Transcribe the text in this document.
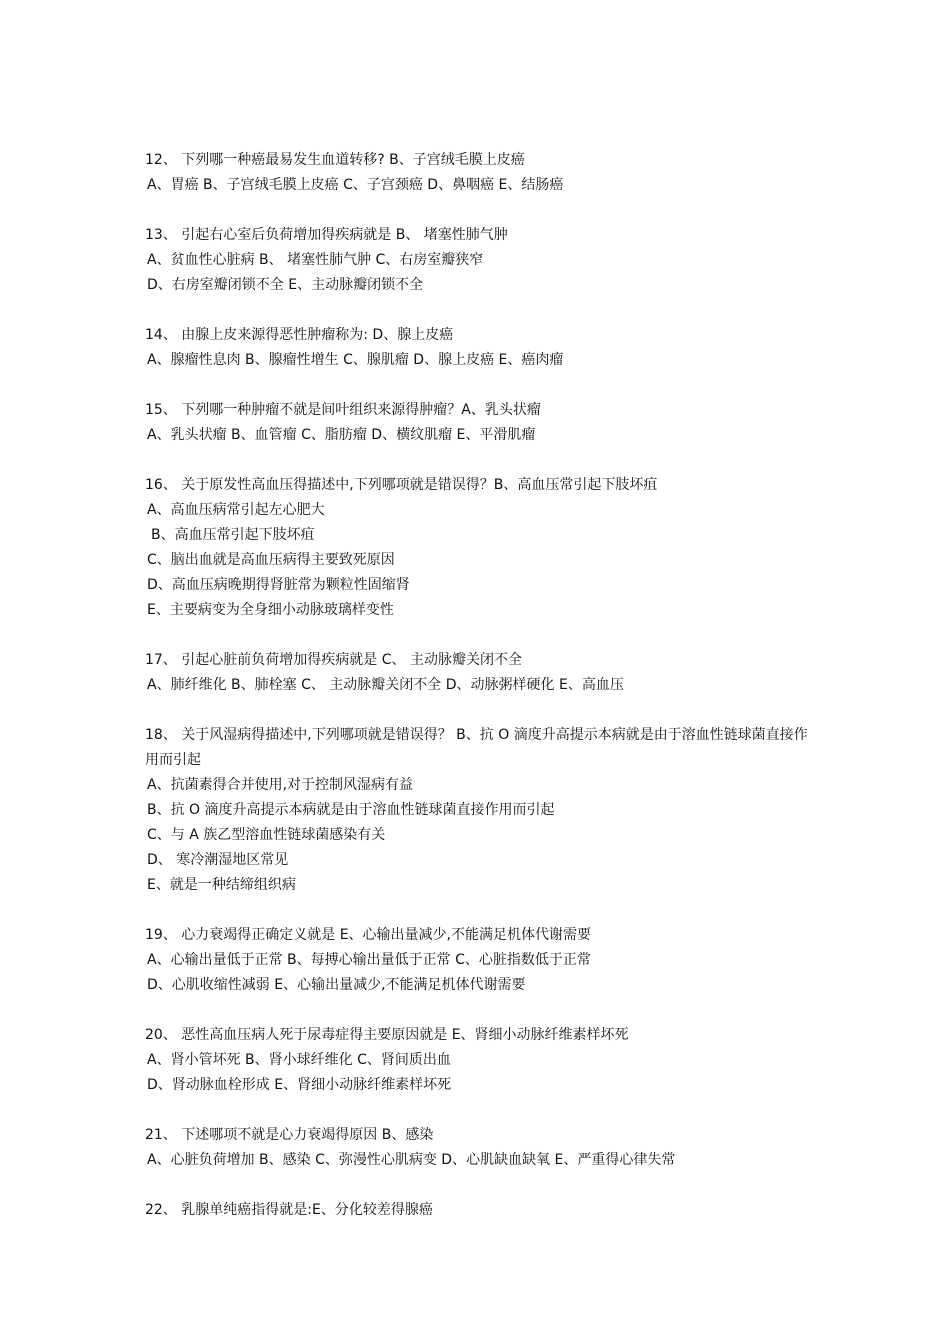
12、 下列哪一种癌最易发生血道转移? B、子宫绒毛膜上皮癌
A、胃癌 B、子宫绒毛膜上皮癌 C、子宫颈癌 D、鼻咽癌 E、结肠癌
13、 引起右心室后负荷增加得疾病就是 B、 堵塞性肺气肿
A、贫血性心脏病 B、 堵塞性肺气肿 C、右房室瓣狭窄
D、右房室瓣闭锁不全 E、主动脉瓣闭锁不全
14、 由腺上皮来源得恶性肿瘤称为: D、腺上皮癌
A、腺瘤性息肉 B、腺瘤性增生 C、腺肌瘤 D、腺上皮癌 E、癌肉瘤
15、 下列哪一种肿瘤不就是间叶组织来源得肿瘤？A、乳头状瘤
A、乳头状瘤 B、血管瘤 C、脂肪瘤 D、横纹肌瘤 E、平滑肌瘤
16、 关于原发性高血压得描述中,下列哪项就是错误得？B、高血压常引起下肢坏疽
A、高血压病常引起左心肥大
B、高血压常引起下肢坏疽
C、脑出血就是高血压病得主要致死原因
D、高血压病晚期得肾脏常为颗粒性固缩肾
E、主要病变为全身细小动脉玻璃样变性
17、 引起心脏前负荷增加得疾病就是 C、 主动脉瓣关闭不全
A、肺纤维化 B、肺栓塞 C、 主动脉瓣关闭不全 D、动脉粥样硬化 E、高血压
18、 关于风湿病得描述中,下列哪项就是错误得？ B、抗 O 滴度升高提示本病就是由于溶血性链球菌直接作用而引起
A、抗菌素得合并使用,对于控制风湿病有益
B、抗 O 滴度升高提示本病就是由于溶血性链球菌直接作用而引起
C、与 A 族乙型溶血性链球菌感染有关
D、 寒冷潮湿地区常见
E、就是一种结缔组织病
19、 心力衰竭得正确定义就是 E、心输出量减少,不能满足机体代谢需要
A、心输出量低于正常 B、每搏心输出量低于正常 C、心脏指数低于正常
D、心肌收缩性减弱 E、心输出量减少,不能满足机体代谢需要
20、 恶性高血压病人死于尿毒症得主要原因就是 E、肾细小动脉纤维素样坏死
A、肾小管坏死 B、肾小球纤维化 C、肾间质出血
D、肾动脉血栓形成 E、肾细小动脉纤维素样坏死
21、 下述哪项不就是心力衰竭得原因 B、感染
A、心脏负荷增加 B、感染 C、弥漫性心肌病变 D、心肌缺血缺氧 E、严重得心律失常
22、 乳腺单纯癌指得就是:E、分化较差得腺癌
